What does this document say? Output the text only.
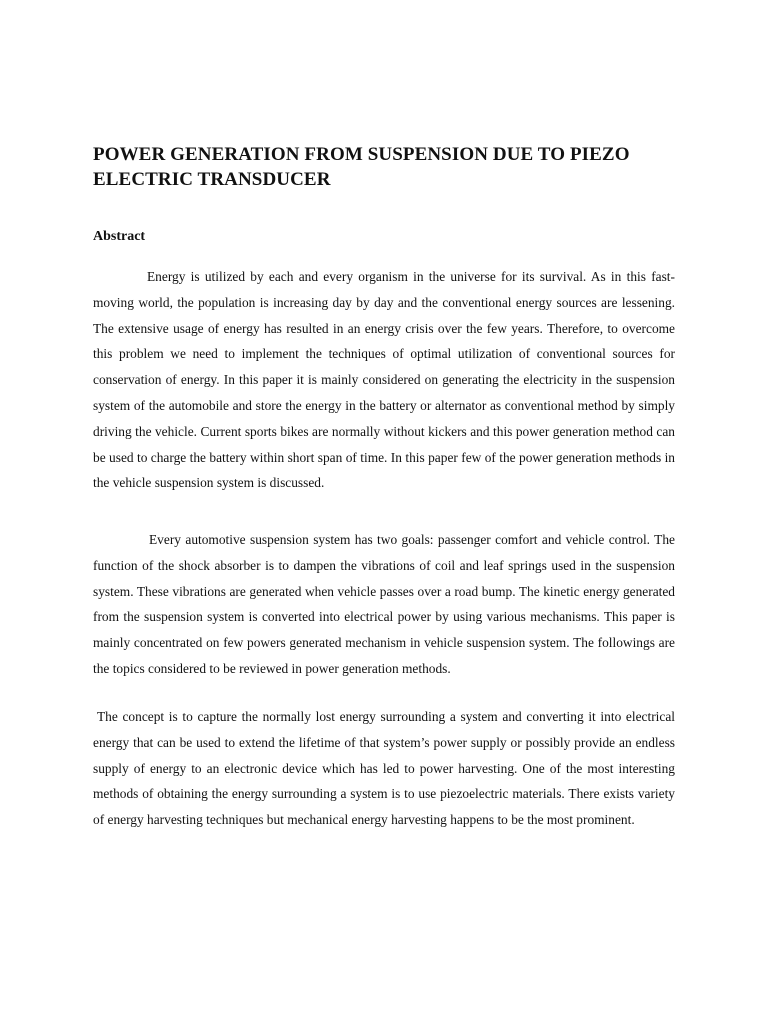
POWER GENERATION FROM SUSPENSION DUE TO PIEZO ELECTRIC TRANSDUCER
Abstract

Energy is utilized by each and every organism in the universe for its survival. As in this fast-moving world, the population is increasing day by day and the conventional energy sources are lessening. The extensive usage of energy has resulted in an energy crisis over the few years. Therefore, to overcome this problem we need to implement the techniques of optimal utilization of conventional sources for conservation of energy. In this paper it is mainly considered on generating the electricity in the suspension system of the automobile and store the energy in the battery or alternator as conventional method by simply driving the vehicle. Current sports bikes are normally without kickers and this power generation method can be used to charge the battery within short span of time. In this paper few of the power generation methods in the vehicle suspension system is discussed.

Every automotive suspension system has two goals: passenger comfort and vehicle control. The function of the shock absorber is to dampen the vibrations of coil and leaf springs used in the suspension system. These vibrations are generated when vehicle passes over a road bump. The kinetic energy generated from the suspension system is converted into electrical power by using various mechanisms. This paper is mainly concentrated on few powers generated mechanism in vehicle suspension system. The followings are the topics considered to be reviewed in power generation methods.

The concept is to capture the normally lost energy surrounding a system and converting it into electrical energy that can be used to extend the lifetime of that system’s power supply or possibly provide an endless supply of energy to an electronic device which has led to power harvesting. One of the most interesting methods of obtaining the energy surrounding a system is to use piezoelectric materials. There exists variety of energy harvesting techniques but mechanical energy harvesting happens to be the most prominent.
